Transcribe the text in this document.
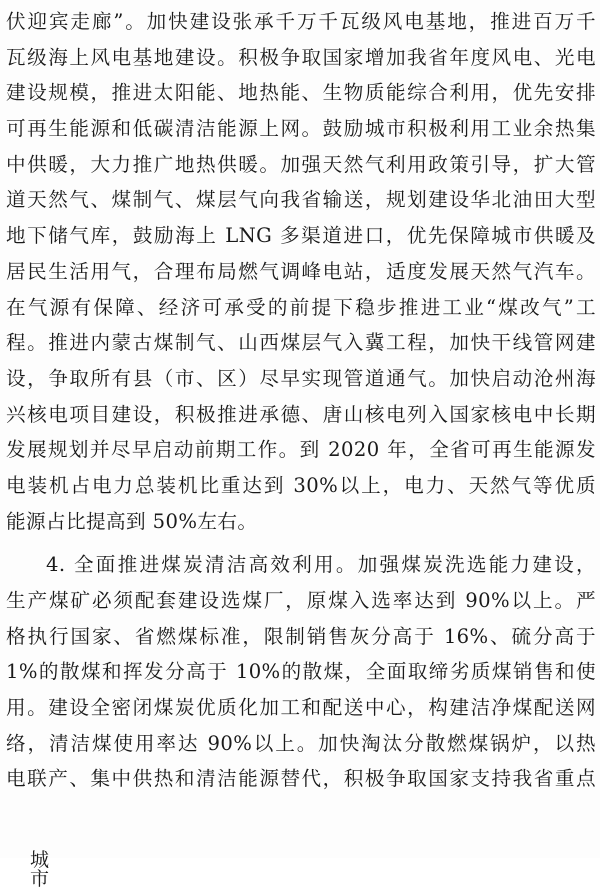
伏迎宾走廊”。加快建设张承千万千瓦级风电基地，推进百万千
瓦级海上风电基地建设。积极争取国家增加我省年度风电、光电
建设规模，推进太阳能、地热能、生物质能综合利用，优先安排
可再生能源和低碳清洁能源上网。鼓励城市积极利用工业余热集
中供暖，大力推广地热供暖。加强天然气利用政策引导，扩大管
道天然气、煤制气、煤层气向我省输送，规划建设华北油田大型
地下储气库，鼓励海上 LNG 多渠道进口，优先保障城市供暖及
居民生活用气，合理布局燃气调峰电站，适度发展天然气汽车。
在气源有保障、经济可承受的前提下稳步推进工业“煤改气”工
程。推进内蒙古煤制气、山西煤层气入冀工程，加快干线管网建
设，争取所有县（市、区）尽早实现管道通气。加快启动沧州海
兴核电项目建设，积极推进承德、唐山核电列入国家核电中长期
发展规划并尽早启动前期工作。到 2020 年，全省可再生能源发
电装机占电力总装机比重达到 30%以上，电力、天然气等优质
能源占比提高到 50%左右。
4. 全面推进煤炭清洁高效利用。加强煤炭洗选能力建设，
生产煤矿必须配套建设选煤厂，原煤入选率达到 90%以上。严
格执行国家、省燃煤标准，限制销售灰分高于 16%、硫分高于
1%的散煤和挥发分高于 10%的散煤，全面取缔劣质煤销售和使
用。建设全密闭煤炭优质化加工和配送中心，构建洁净煤配送网
络，清洁煤使用率达 90%以上。加快淘汰分散燃煤锅炉，以热
电联产、集中供热和清洁能源替代，积极争取国家支持我省重点
城市
